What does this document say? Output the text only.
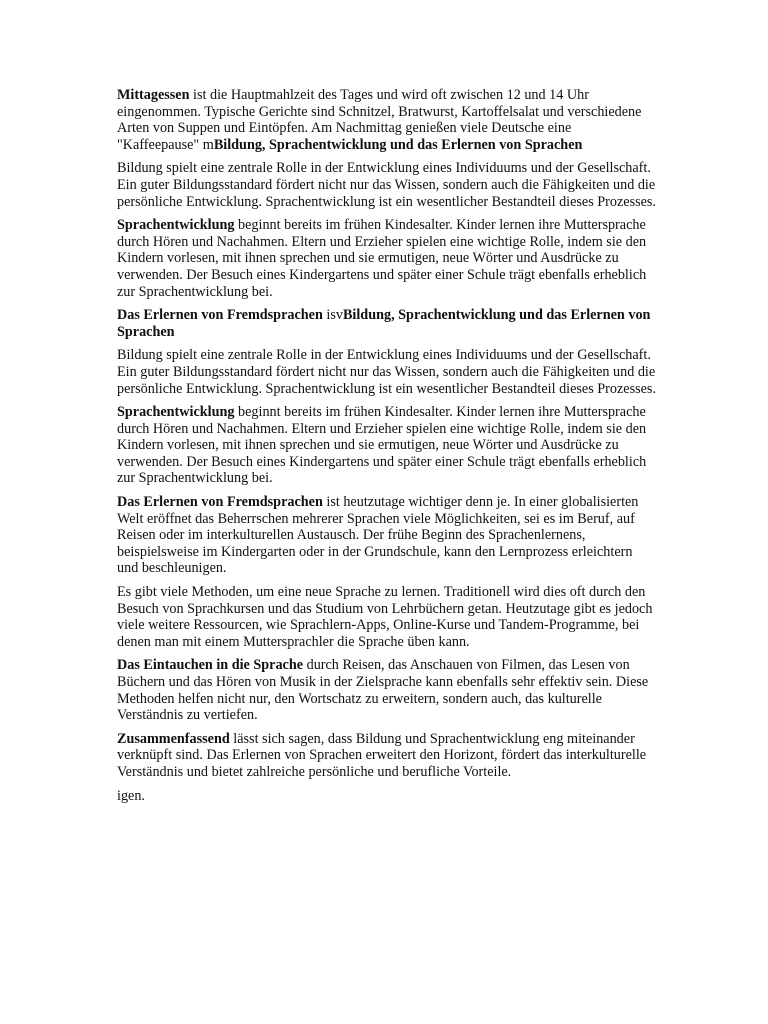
Mittagessen ist die Hauptmahlzeit des Tages und wird oft zwischen 12 und 14 Uhr eingenommen. Typische Gerichte sind Schnitzel, Bratwurst, Kartoffelsalat und verschiedene Arten von Suppen und Eintöpfen. Am Nachmittag genießen viele Deutsche eine "Kaffeepause" mBildung, Sprachentwicklung und das Erlernen von Sprachen

Bildung spielt eine zentrale Rolle in der Entwicklung eines Individuums und der Gesellschaft. Ein guter Bildungsstandard fördert nicht nur das Wissen, sondern auch die Fähigkeiten und die persönliche Entwicklung. Sprachentwicklung ist ein wesentlicher Bestandteil dieses Prozesses.

Sprachentwicklung beginnt bereits im frühen Kindesalter. Kinder lernen ihre Muttersprache durch Hören und Nachahmen. Eltern und Erzieher spielen eine wichtige Rolle, indem sie den Kindern vorlesen, mit ihnen sprechen und sie ermutigen, neue Wörter und Ausdrücke zu verwenden. Der Besuch eines Kindergartens und später einer Schule trägt ebenfalls erheblich zur Sprachentwicklung bei.

Das Erlernen von Fremdsprachen isvBildung, Sprachentwicklung und das Erlernen von Sprachen

Bildung spielt eine zentrale Rolle in der Entwicklung eines Individuums und der Gesellschaft. Ein guter Bildungsstandard fördert nicht nur das Wissen, sondern auch die Fähigkeiten und die persönliche Entwicklung. Sprachentwicklung ist ein wesentlicher Bestandteil dieses Prozesses.

Sprachentwicklung beginnt bereits im frühen Kindesalter. Kinder lernen ihre Muttersprache durch Hören und Nachahmen. Eltern und Erzieher spielen eine wichtige Rolle, indem sie den Kindern vorlesen, mit ihnen sprechen und sie ermutigen, neue Wörter und Ausdrücke zu verwenden. Der Besuch eines Kindergartens und später einer Schule trägt ebenfalls erheblich zur Sprachentwicklung bei.

Das Erlernen von Fremdsprachen ist heutzutage wichtiger denn je. In einer globalisierten Welt eröffnet das Beherrschen mehrerer Sprachen viele Möglichkeiten, sei es im Beruf, auf Reisen oder im interkulturellen Austausch. Der frühe Beginn des Sprachenlernens, beispielsweise im Kindergarten oder in der Grundschule, kann den Lernprozess erleichtern und beschleunigen.

Es gibt viele Methoden, um eine neue Sprache zu lernen. Traditionell wird dies oft durch den Besuch von Sprachkursen und das Studium von Lehrbüchern getan. Heutzutage gibt es jedoch viele weitere Ressourcen, wie Sprachlern-Apps, Online-Kurse und Tandem-Programme, bei denen man mit einem Muttersprachler die Sprache üben kann.

Das Eintauchen in die Sprache durch Reisen, das Anschauen von Filmen, das Lesen von Büchern und das Hören von Musik in der Zielsprache kann ebenfalls sehr effektiv sein. Diese Methoden helfen nicht nur, den Wortschatz zu erweitern, sondern auch, das kulturelle Verständnis zu vertiefen.

Zusammenfassend lässt sich sagen, dass Bildung und Sprachentwicklung eng miteinander verknüpft sind. Das Erlernen von Sprachen erweitert den Horizont, fördert das interkulturelle Verständnis und bietet zahlreiche persönliche und berufliche Vorteile.

igen.
